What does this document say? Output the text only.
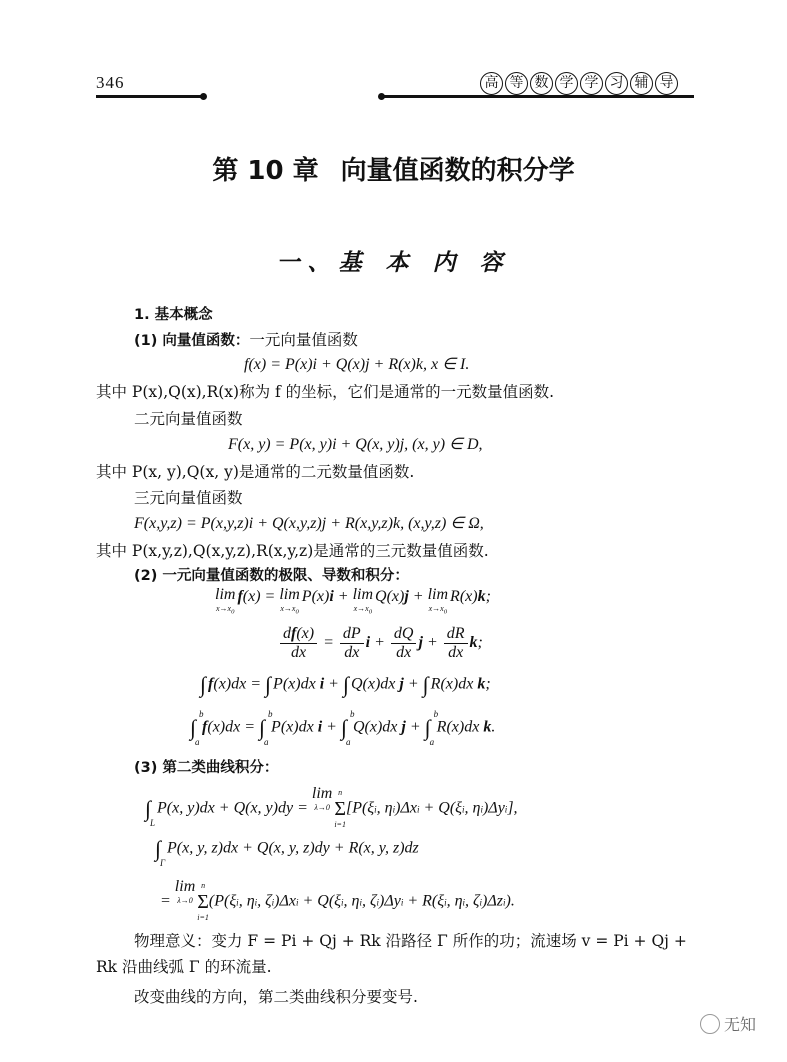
346	高 等 数 学 学 习 辅 导
第 10 章 向量值函数的积分学
一、基 本 内 容
1. 基本概念
(1) 向量值函数：一元向量值函数
f(x) = P(x)i + Q(x)j + R(x)k, x ∈ I.
其中 P(x),Q(x),R(x)称为 f 的坐标，它们是通常的一元数量值函数.
二元向量值函数
F(x, y) = P(x, y)i + Q(x, y)j, (x, y) ∈ D,
其中 P(x, y),Q(x, y)是通常的二元数量值函数.
三元向量值函数
F(x,y,z) = P(x,y,z)i + Q(x,y,z)j + R(x,y,z)k, (x,y,z) ∈ Ω,
其中 P(x,y,z),Q(x,y,z),R(x,y,z)是通常的三元数量值函数.
(2) 一元向量值函数的极限、导数和积分：
lim
$x\to x_0$
f(x) = lim
$x\to x_0$
P(x)i + lim
$x\to x_0$
Q(x)j + lim
$x\to x_0$
R(x)k;
$\frac{df(x)}{dx} = \frac{dP}{dx}$ $i + \frac{dQ}{dx}$ $j + \frac{dR}{dx} k$;
∫ f(x)dx = ∫ P(x)dx i + ∫ Q(x)dx j + ∫ R(x)dx k;
∫
b
a
f(x)dx = ∫
b
a
P(x)dx i + ∫
b
a
Q(x)dx j + ∫
b
a
R(x)dx k.
(3) 第二类曲线积分：
∫
L
P(x, y)dx + Q(x, y)dy = lim
λ→0
n
Σ
i=1
[P(ξi, ηi)Δxi + Q(ξi, ηi)Δyi],
∫
Γ
P(x, y, z)dx + Q(x, y, z)dy + R(x, y, z)dz
= lim
λ→0
n
Σ
i=1
(P(ξi, ηi, ζi)Δxi + Q(ξi, ηi, ζi)Δyi + R(ξi, ηi, ζi)Δzi).
物理意义：变力 F = Pi + Qj + Rk 沿路径 Γ 所作的功；流速场 v = Pi + Qj +
Rk 沿曲线弧 Γ 的环流量.
改变曲线的方向，第二类曲线积分要变号.
无知
